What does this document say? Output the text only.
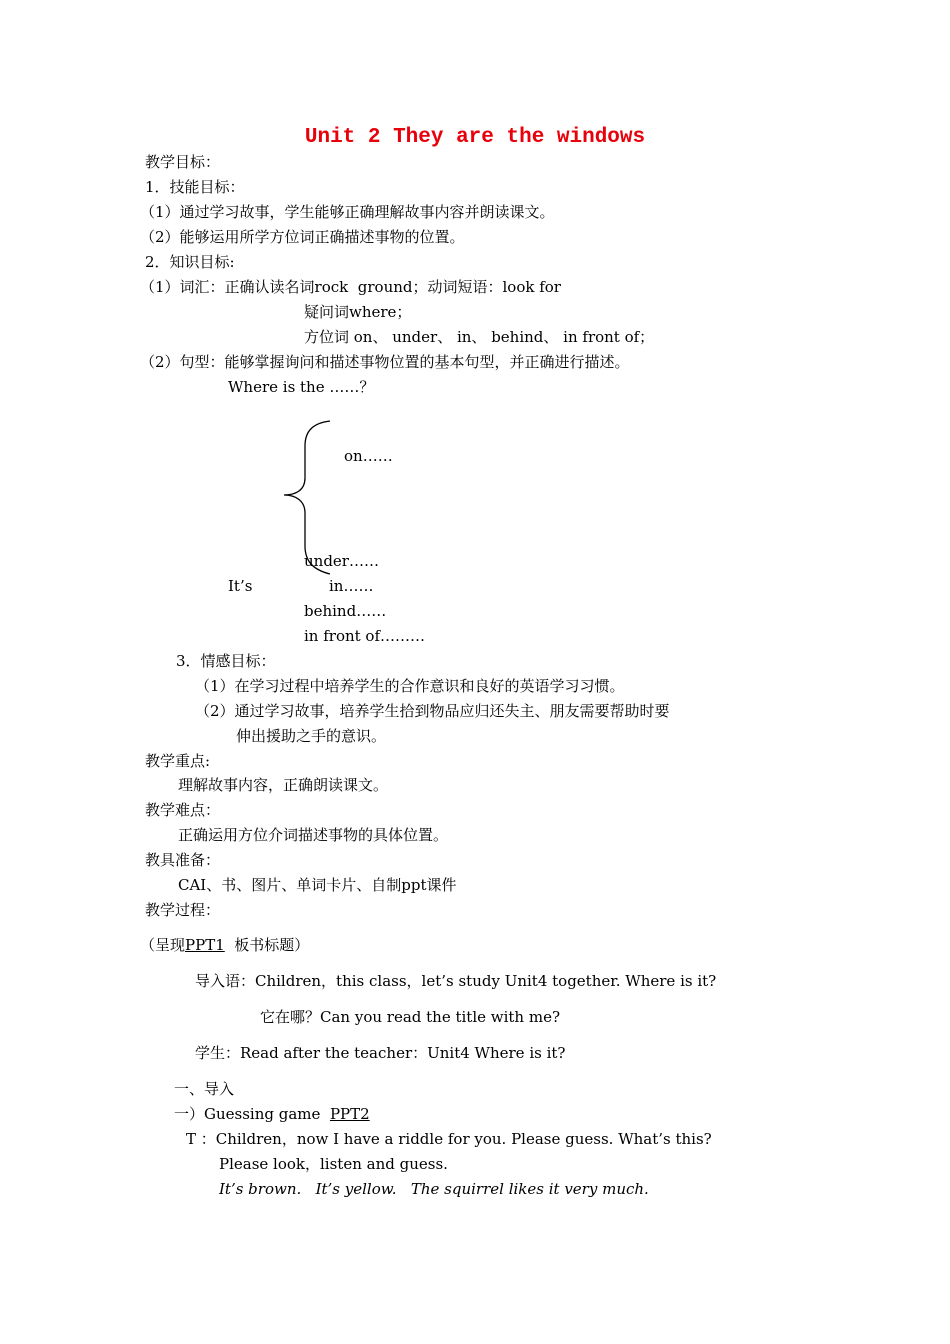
Unit 2 They are the windows
教学目标：
1．技能目标：
（1）通过学习故事，学生能够正确理解故事内容并朗读课文。
（2）能够运用所学方位词正确描述事物的位置。
2．知识目标:
（1）词汇：正确认读名词rock  ground；动词短语：look for
疑问词where；
方位词 on、 under、 in、 behind、 in front of；
（2）句型：能够掌握询问和描述事物位置的基本句型，并正确进行描述。
Where is the ……？
on……
under……
It’s	in……
behind……
in front of………
3．情感目标：
（1）在学习过程中培养学生的合作意识和良好的英语学习习惯。
（2）通过学习故事，培养学生拾到物品应归还失主、朋友需要帮助时要
伸出援助之手的意识。
教学重点:
理解故事内容，正确朗读课文。
教学难点：
正确运用方位介词描述事物的具体位置。
教具准备：
CAI、书、图片、单词卡片、自制ppt课件
教学过程：
（呈现PPT1  板书标题）
导入语：Children，this class，let’s study Unit4 together. Where is it?
它在哪？Can you read the title with me?
学生：Read after the teacher：Unit4 Where is it?
一、导入
一）Guessing game  PPT2
T ：Children，now I have a riddle for you. Please guess. What’s this?
Please look，listen and guess.
It’s brown.   It’s yellow.   The squirrel likes it very much.
